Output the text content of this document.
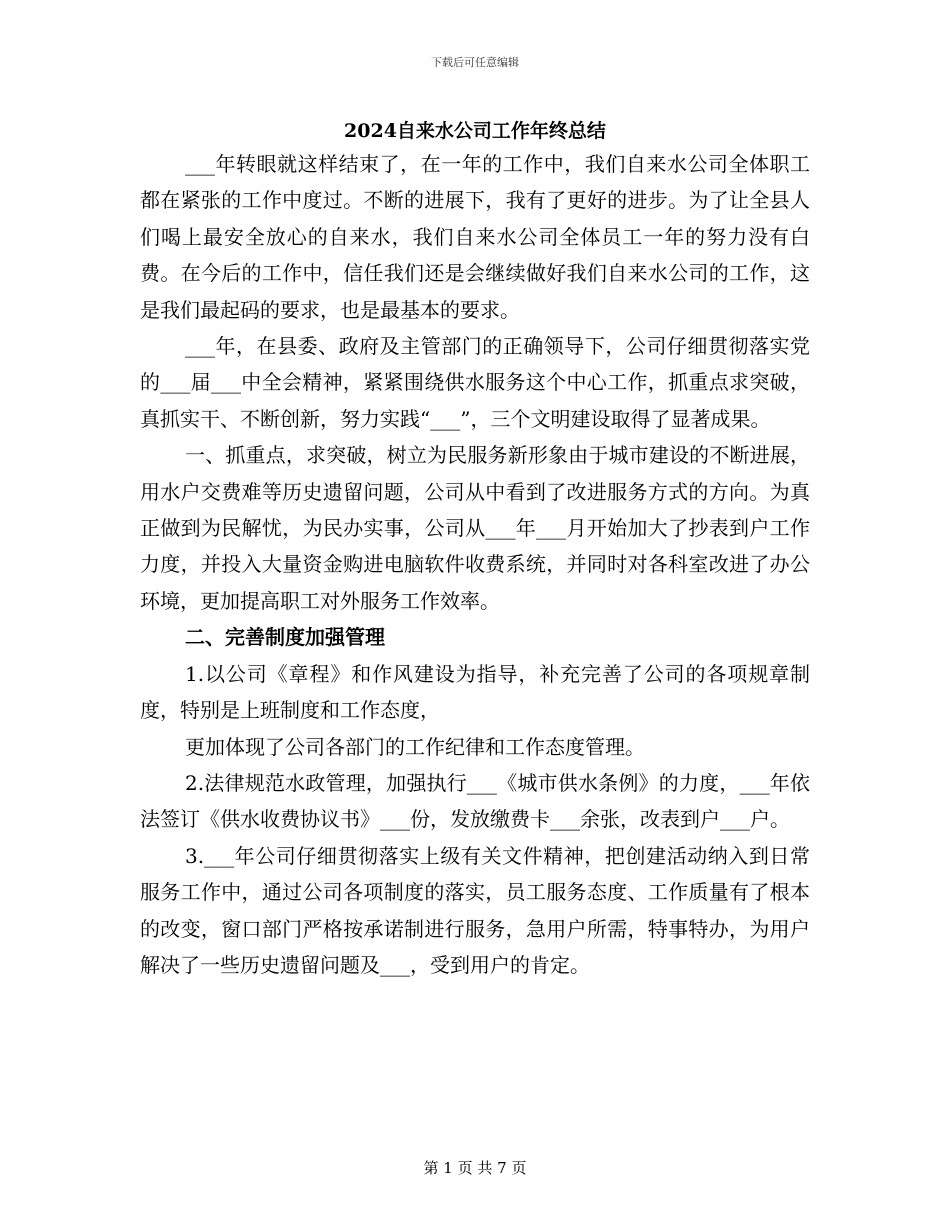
下载后可任意编辑
2024自来水公司工作年终总结

___年转眼就这样结束了，在一年的工作中，我们自来水公司全体职工都在紧张的工作中度过。不断的进展下，我有了更好的进步。为了让全县人们喝上最安全放心的自来水，我们自来水公司全体员工一年的努力没有白费。在今后的工作中，信任我们还是会继续做好我们自来水公司的工作，这是我们最起码的要求，也是最基本的要求。

___年，在县委、政府及主管部门的正确领导下，公司仔细贯彻落实党的___届___中全会精神，紧紧围绕供水服务这个中心工作，抓重点求突破，真抓实干、不断创新，努力实践“___”，三个文明建设取得了显著成果。

一、抓重点，求突破，树立为民服务新形象由于城市建设的不断进展，用水户交费难等历史遗留问题，公司从中看到了改进服务方式的方向。为真正做到为民解忧，为民办实事，公司从___年___月开始加大了抄表到户工作力度，并投入大量资金购进电脑软件收费系统，并同时对各科室改进了办公环境，更加提高职工对外服务工作效率。

二、完善制度加强管理

1.以公司《章程》和作风建设为指导，补充完善了公司的各项规章制度，特别是上班制度和工作态度，

更加体现了公司各部门的工作纪律和工作态度管理。

2.法律规范水政管理，加强执行___《城市供水条例》的力度，___年依法签订《供水收费协议书》___份，发放缴费卡___余张，改表到户___户。

3.___年公司仔细贯彻落实上级有关文件精神，把创建活动纳入到日常服务工作中，通过公司各项制度的落实，员工服务态度、工作质量有了根本的改变，窗口部门严格按承诺制进行服务，急用户所需，特事特办，为用户解决了一些历史遗留问题及___，受到用户的肯定。

第 1 页 共 7 页
